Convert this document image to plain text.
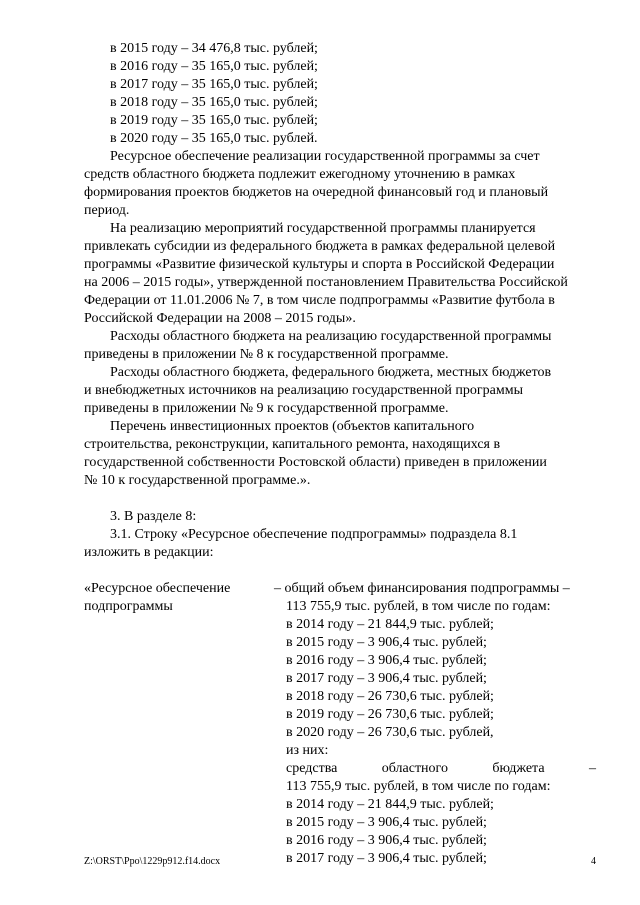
в 2015 году – 34 476,8 тыс. рублей;
в 2016 году – 35 165,0 тыс. рублей;
в 2017 году – 35 165,0 тыс. рублей;
в 2018 году – 35 165,0 тыс. рублей;
в 2019 году – 35 165,0 тыс. рублей;
в 2020 году – 35 165,0 тыс. рублей.
Ресурсное обеспечение реализации государственной программы за счет
средств областного бюджета подлежит ежегодному уточнению в рамках
формирования проектов бюджетов на очередной финансовый год и плановый
период.
На реализацию мероприятий государственной программы планируется
привлекать субсидии из федерального бюджета в рамках федеральной целевой
программы «Развитие физической культуры и спорта в Российской Федерации
на 2006 – 2015 годы», утвержденной постановлением Правительства Российской
Федерации от 11.01.2006 № 7, в том числе подпрограммы «Развитие футбола в
Российской Федерации на 2008 – 2015 годы».
Расходы областного бюджета на реализацию государственной программы
приведены в приложении № 8 к государственной программе.
Расходы областного бюджета, федерального бюджета, местных бюджетов
и внебюджетных источников на реализацию государственной программы
приведены в приложении № 9 к государственной программе.
Перечень инвестиционных проектов (объектов капитального
строительства, реконструкции, капитального ремонта, находящихся в
государственной собственности Ростовской области) приведен в приложении
№ 10 к государственной программе.».
3. В разделе 8:
3.1. Строку «Ресурсное обеспечение подпрограммы» подраздела 8.1
изложить в редакции:
«Ресурсное обеспечение	– общий объем финансирования подпрограммы –
подпрограммы	113 755,9 тыс. рублей, в том числе по годам:
в 2014 году – 21 844,9 тыс. рублей;
в 2015 году – 3 906,4 тыс. рублей;
в 2016 году – 3 906,4 тыс. рублей;
в 2017 году – 3 906,4 тыс. рублей;
в 2018 году – 26 730,6 тыс. рублей;
в 2019 году – 26 730,6 тыс. рублей;
в 2020 году – 26 730,6 тыс. рублей,
из них:
средства	областного	бюджета	–
113 755,9 тыс. рублей, в том числе по годам:
в 2014 году – 21 844,9 тыс. рублей;
в 2015 году – 3 906,4 тыс. рублей;
в 2016 году – 3 906,4 тыс. рублей;
в 2017 году – 3 906,4 тыс. рублей;
Z:\ORST\Ppo\1229p912.f14.docx	4
